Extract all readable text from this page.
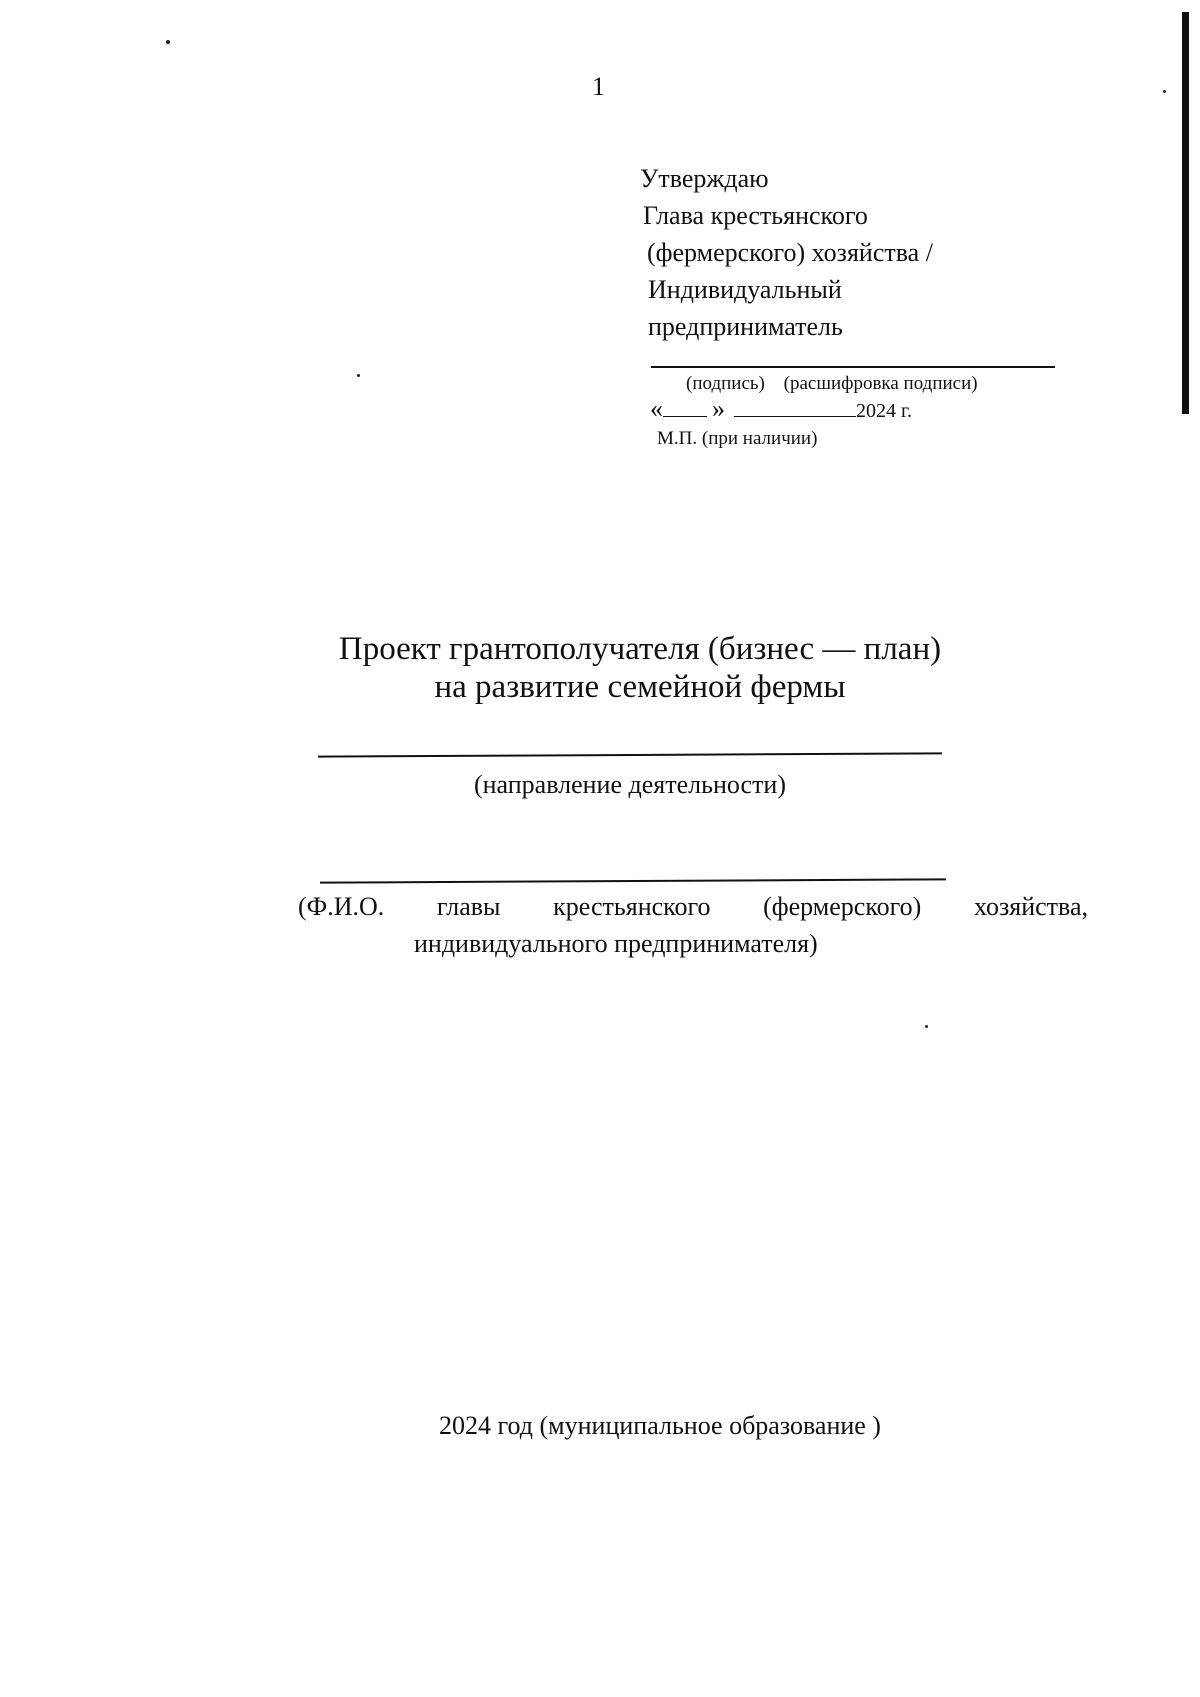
1
Утверждаю
Глава крестьянского
(фермерского) хозяйства /
Индивидуальный
предприниматель
(подпись) (расшифровка подписи)
« »	2024 г.
М.П. (при наличии)
Проект грантополучателя (бизнес — план)
на развитие семейной фермы
(направление деятельности)
(Ф.И.О. главы крестьянского (фермерского) хозяйства,
индивидуального предпринимателя)
2024 год (муниципальное образование )
